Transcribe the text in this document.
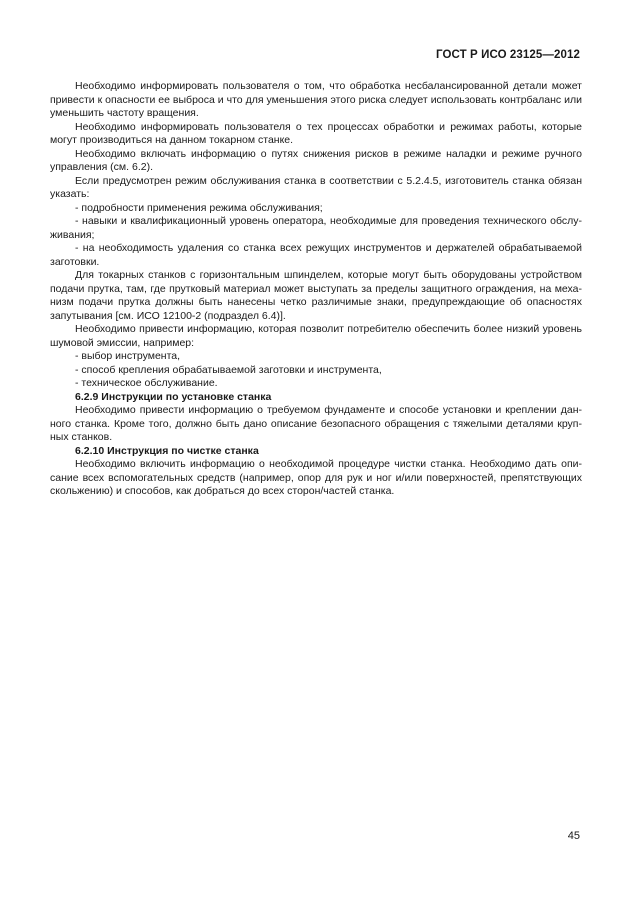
ГОСТ Р ИСО 23125—2012

Необходимо информировать пользователя о том, что обработка несбалансированной детали может привести к опасности ее выброса и что для уменьшения этого риска следует использовать контрбаланс или уменьшить частоту вращения.

Необходимо информировать пользователя о тех процессах обработки и режимах работы, которые могут производиться на данном токарном станке.

Необходимо включать информацию о путях снижения рисков в режиме наладки и режиме ручного управления (см. 6.2).

Если предусмотрен режим обслуживания станка в соответствии с 5.2.4.5, изготовитель станка обязан указать:

- подробности применения режима обслуживания;

- навыки и квалификационный уровень оператора, необходимые для проведения технического обслу-живания;

- на необходимость удаления со станка всех режущих инструментов и держателей обрабатываемой заготовки.

Для токарных станков с горизонтальным шпинделем, которые могут быть оборудованы устройством подачи прутка, там, где прутковый материал может выступать за пределы защитного ограждения, на меха-низм подачи прутка должны быть нанесены четко различимые знаки, предупреждающие об опасностях запутывания [см. ИСО 12100-2 (подраздел 6.4)].

Необходимо привести информацию, которая позволит потребителю обеспечить более низкий уровень шумовой эмиссии, например:

- выбор инструмента,

- способ крепления обрабатываемой заготовки и инструмента,

- техническое обслуживание.

6.2.9 Инструкции по установке станка

Необходимо привести информацию о требуемом фундаменте и способе установки и креплении дан-ного станка. Кроме того, должно быть дано описание безопасного обращения с тяжелыми деталями круп-ных станков.

6.2.10 Инструкция по чистке станка

Необходимо включить информацию о необходимой процедуре чистки станка. Необходимо дать опи-сание всех вспомогательных средств (например, опор для рук и ног и/или поверхностей, препятствующих скольжению) и способов, как добраться до всех сторон/частей станка.

45
